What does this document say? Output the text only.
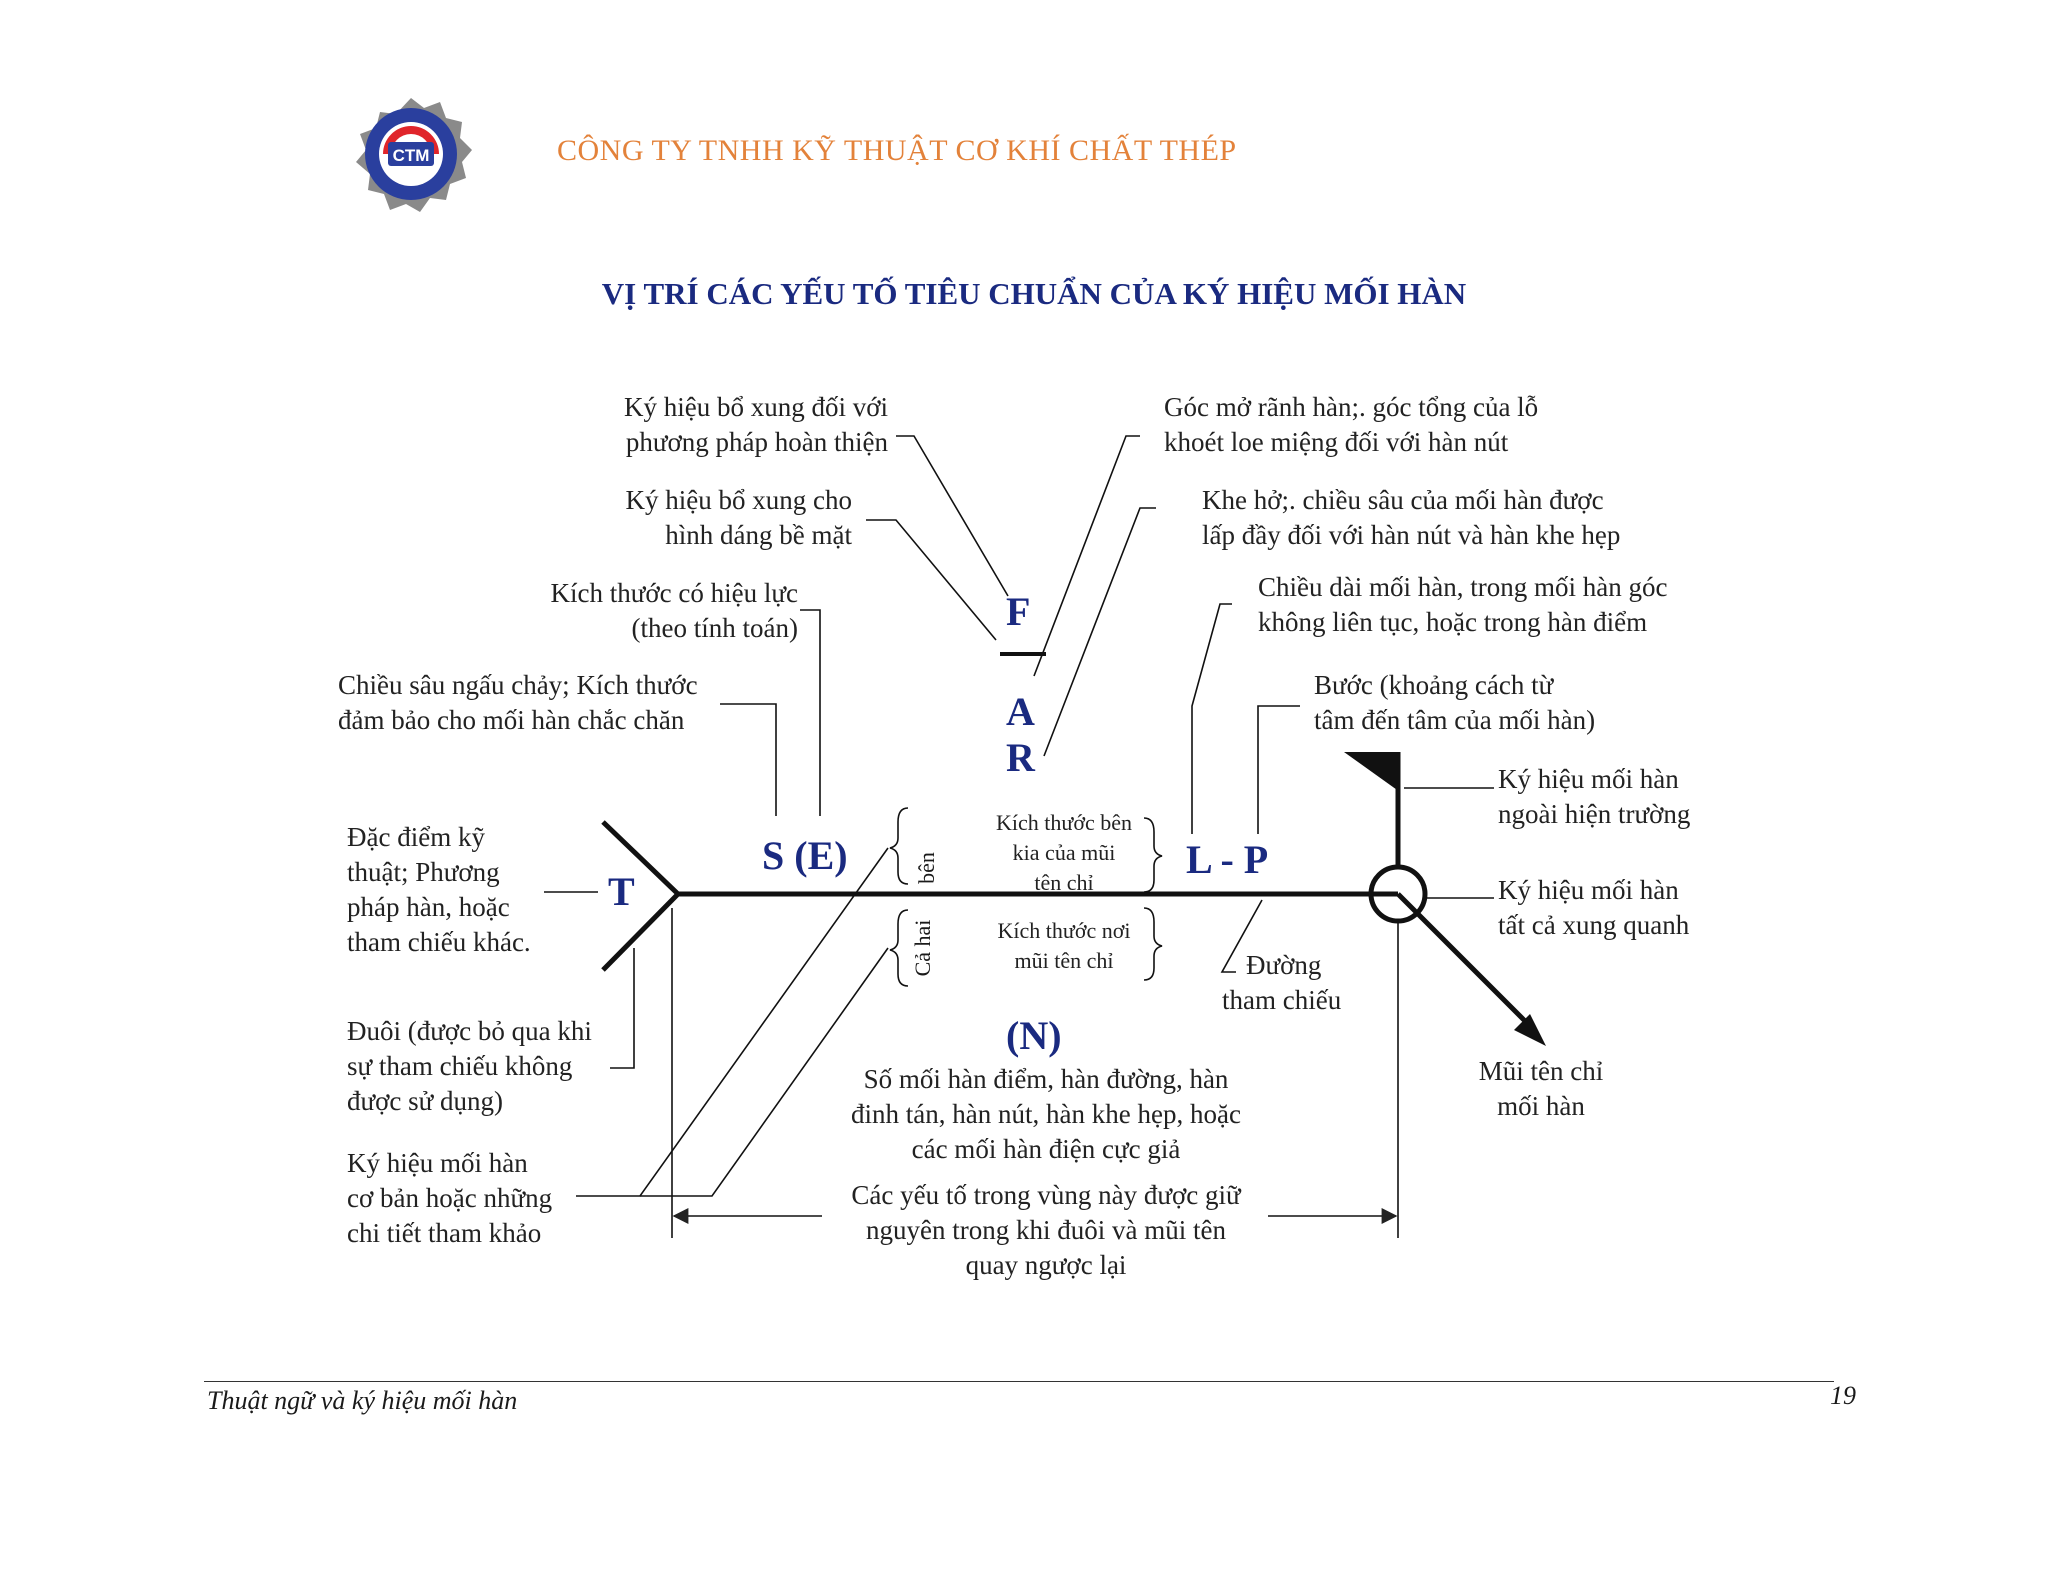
CTM	CÔNG TY TNHH KỸ THUẬT CƠ KHÍ CHẤT THÉP
VỊ TRÍ CÁC YẾU TỐ TIÊU CHUẨN CỦA KÝ HIỆU MỐI HÀN
F
A
R
T
S (E)	L - P
(N)
Ký hiệu bổ xung đối với
phương pháp hoàn thiện
Ký hiệu bổ xung cho
hình dáng bề mặt
Kích thước có hiệu lực
(theo tính toán)
Chiều sâu ngấu chảy; Kích thước
đảm bảo cho mối hàn chắc chăn
Đặc điểm kỹ
thuật; Phương
pháp hàn, hoặc
tham chiếu khác.
Đuôi (được bỏ qua khi
sự tham chiếu không
được sử dụng)
Ký hiệu mối hàn
cơ bản hoặc những
chi tiết tham khảo
Góc mở rãnh hàn;. góc tổng của lỗ
khoét loe miệng đối với hàn nút
Khe hở;. chiều sâu của mối hàn được
lấp đầy đối với hàn nút và hàn khe hẹp
Chiều dài mối hàn, trong mối hàn góc
không liên tục, hoặc trong hàn điểm
Bước (khoảng cách từ
tâm đến tâm của mối hàn)
Ký hiệu mối hàn
ngoài hiện trường
Ký hiệu mối hàn
tất cả xung quanh
Mũi tên chỉ
mối hàn
Đường
tham chiếu
Kích thước bên
kia của mũi
tên chỉ
Kích thước nơi
mũi tên chỉ
bên
Cả hai
Số mối hàn điểm, hàn đường, hàn
đinh tán, hàn nút, hàn khe hẹp, hoặc
các mối hàn điện cực giả
Các yếu tố trong vùng này được giữ
nguyên trong khi đuôi và mũi tên
quay ngược lại
Thuật ngữ và ký hiệu mối hàn	19
